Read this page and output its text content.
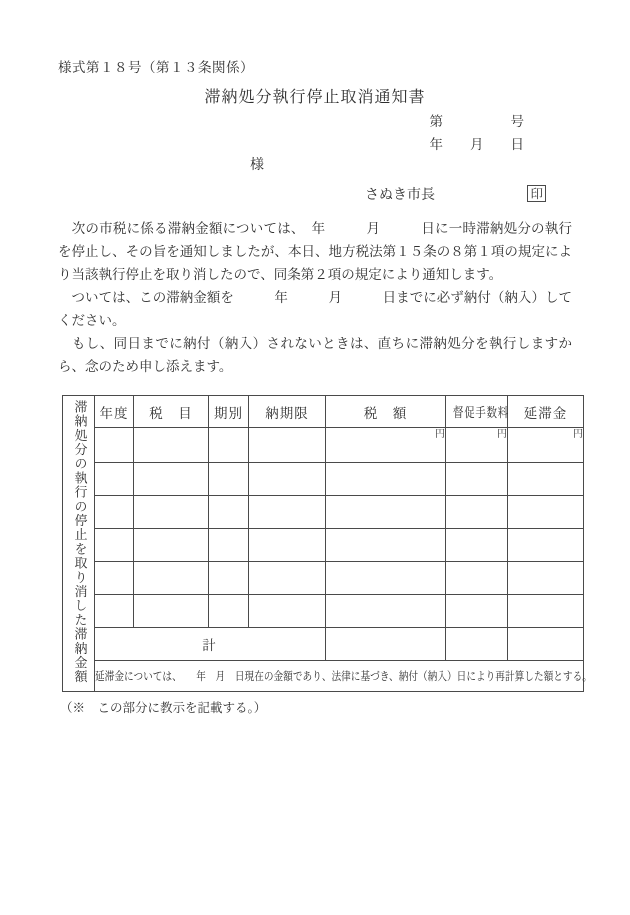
様式第１８号（第１３条関係）
滞納処分執行停止取消通知書
第　　　　　号
年　　月　　日
様
さぬき市長	印

　次の市税に係る滞納金額については、　年　　　月　　　日に一時滞納処分の執行を停止し、その旨を通知しましたが、本日、地方税法第１５条の８第１項の規定により当該執行停止を取り消したので、同条第２項の規定により通知します。

　ついては、この滞納金額を　　　年　　　月　　　日までに必ず納付（納入）してください。

　もし、同日までに納付（納入）されないときは、直ちに滞納処分を執行しますから、念のため申し添えます。

滞納処分の執行の停止を取り消した滞納金額	年度	税　目	期別	納期限	税　額	督促手数料	延滞金
					円	円	円

	計						
	延滞金については、　　年　月　日現在の金額であり、法律に基づき、納付（納入）日により再計算した額とする。						
（※　この部分に教示を記載する。）
